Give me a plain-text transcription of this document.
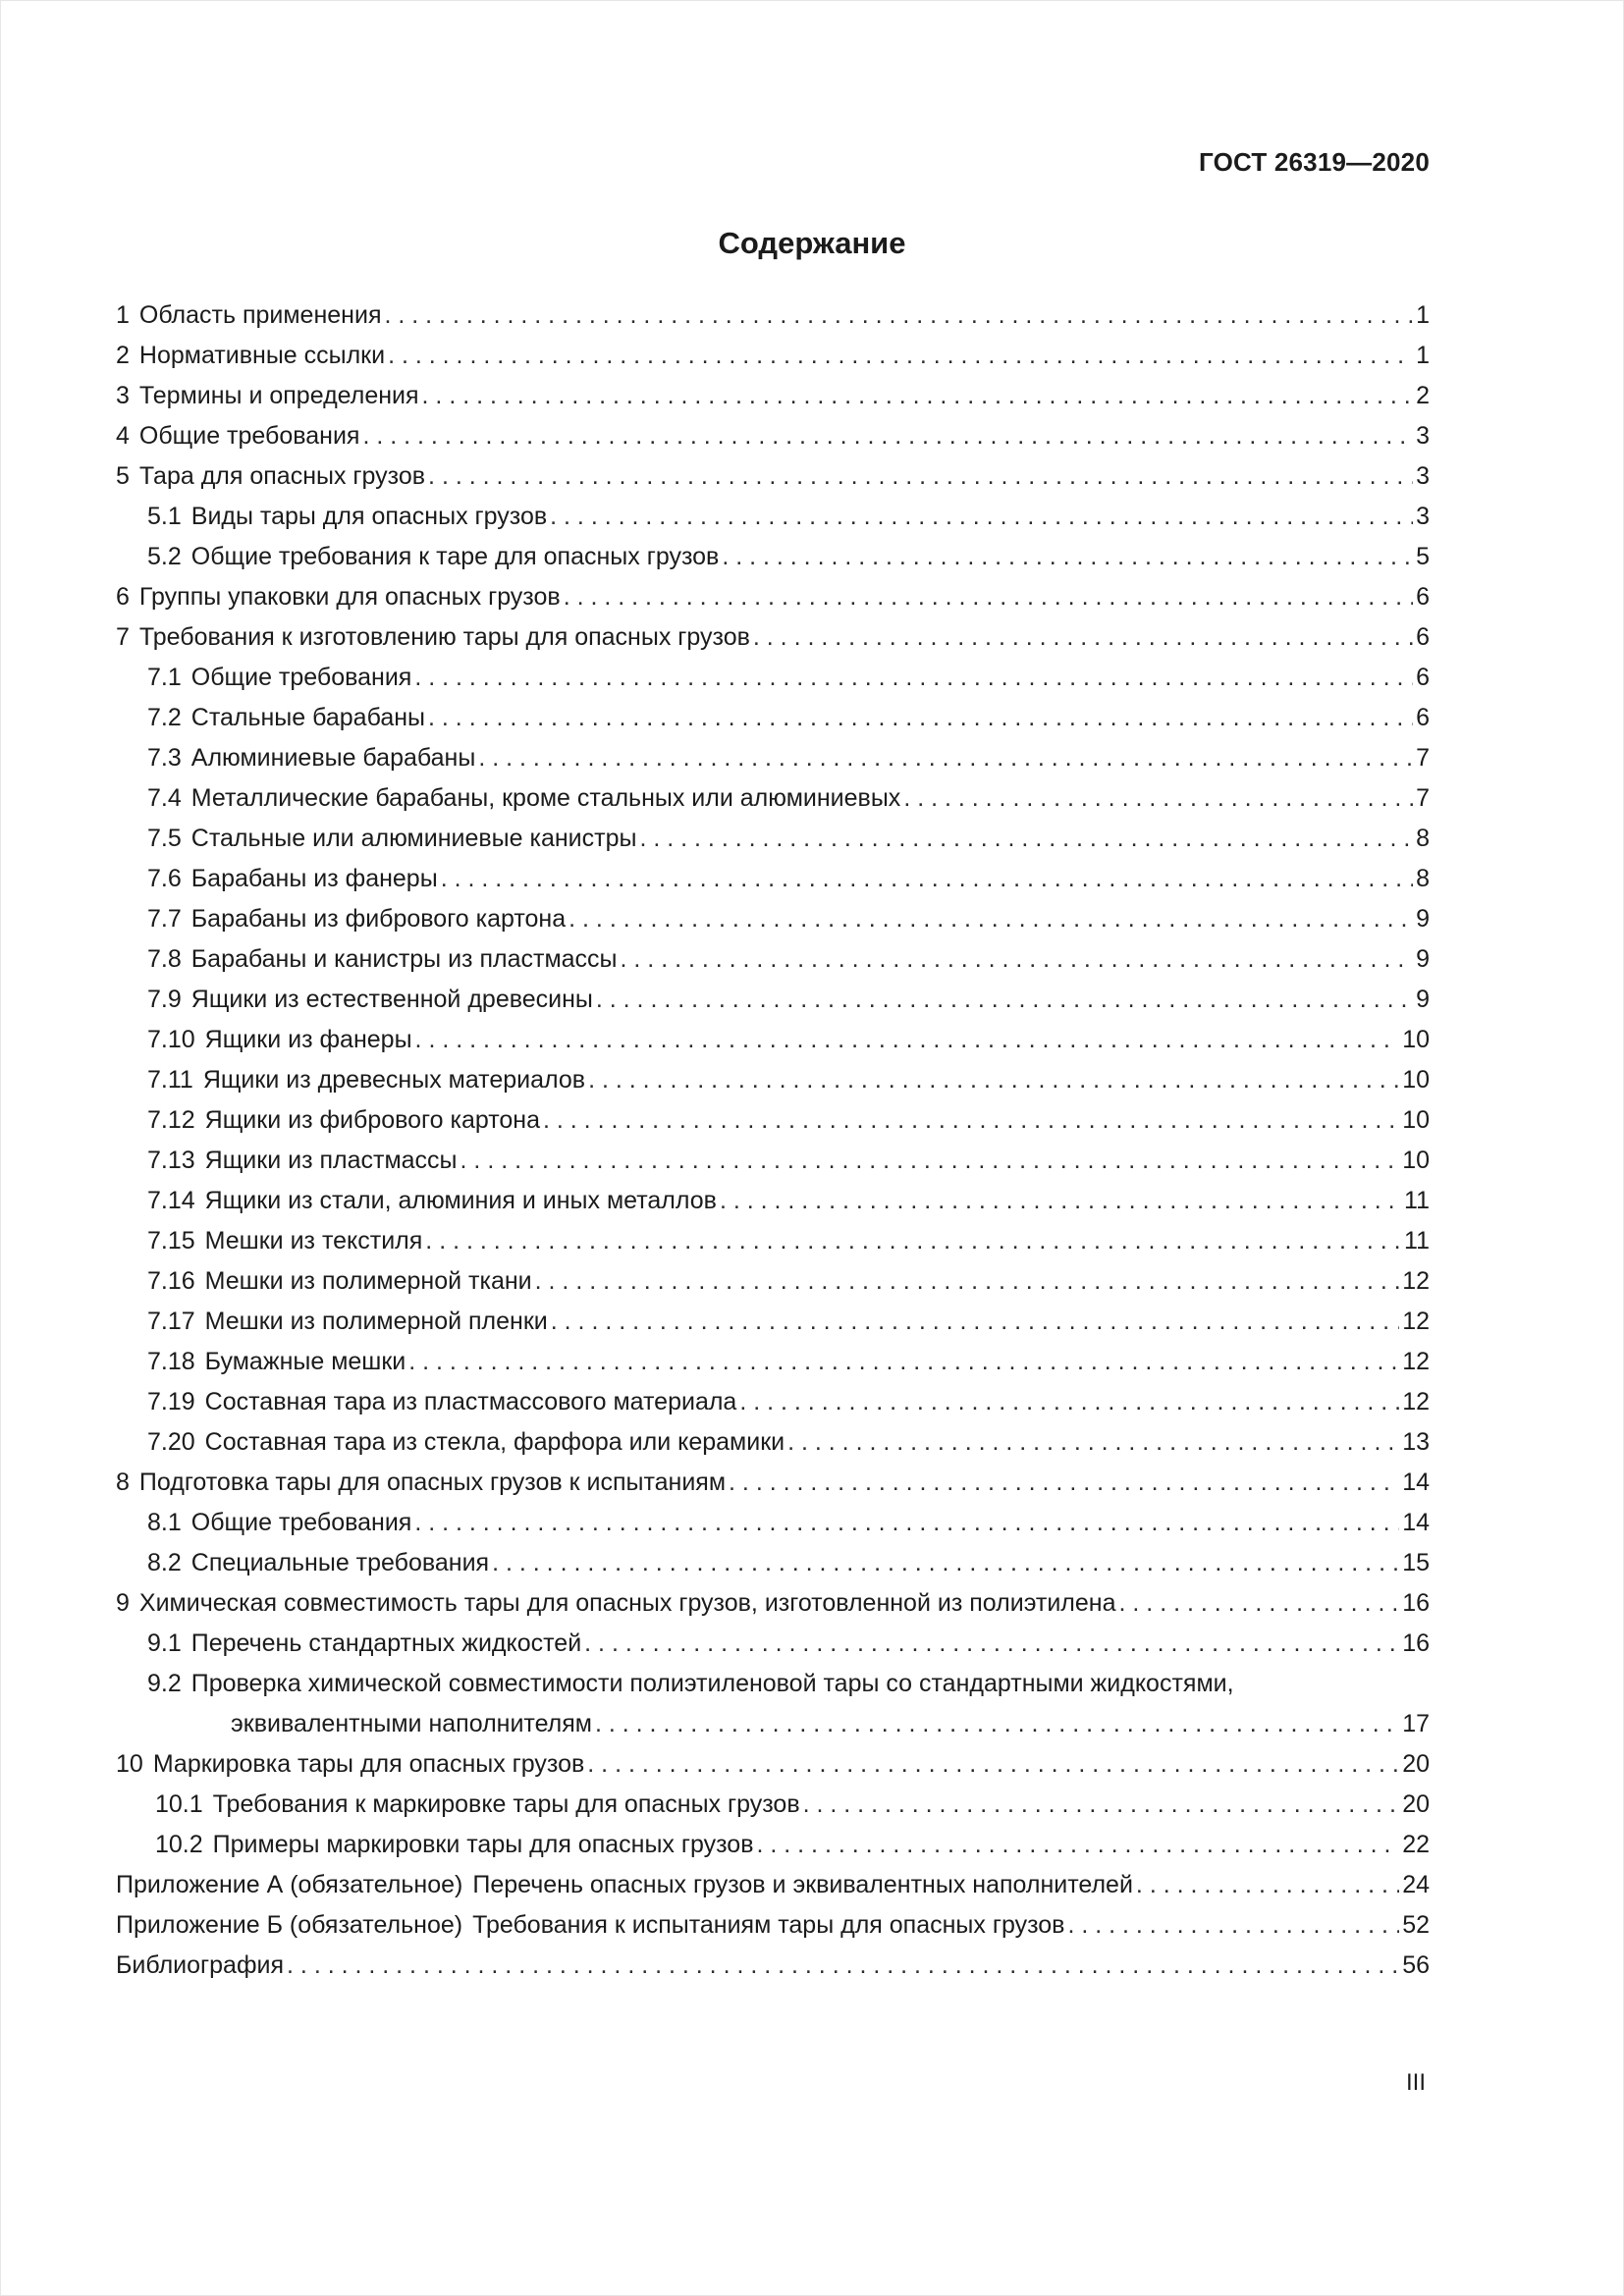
ГОСТ 26319—2020
Содержание
1 Область применения . . .	1
2 Нормативные ссылки . . .	1
3 Термины и определения . . .	2
4 Общие требования . . .	3
5 Тара для опасных грузов . . .	3
5.1 Виды тары для опасных грузов . . .	3
5.2 Общие требования к таре для опасных грузов . . .	5
6 Группы упаковки для опасных грузов . . .	6
7 Требования к изготовлению тары для опасных грузов . . .	6
7.1 Общие требования . . .	6
7.2 Стальные барабаны . . .	6
7.3 Алюминиевые барабаны . . .	7
7.4 Металлические барабаны, кроме стальных или алюминиевых . . .	7
7.5 Стальные или алюминиевые канистры . . .	8
7.6 Барабаны из фанеры . . .	8
7.7 Барабаны из фибрового картона . . .	9
7.8 Барабаны и канистры из пластмассы . . .	9
7.9 Ящики из естественной древесины . . .	9
7.10 Ящики из фанеры . . .	10
7.11 Ящики из древесных материалов . . .	10
7.12 Ящики из фибрового картона . . .	10
7.13 Ящики из пластмассы . . .	10
7.14 Ящики из стали, алюминия и иных металлов . . .	11
7.15 Мешки из текстиля . . .	11
7.16 Мешки из полимерной ткани . . .	12
7.17 Мешки из полимерной пленки . . .	12
7.18 Бумажные мешки . . .	12
7.19 Составная тара из пластмассового материала . . .	12
7.20 Составная тара из стекла, фарфора или керамики . . .	13
8 Подготовка тары для опасных грузов к испытаниям . . .	14
8.1 Общие требования . . .	14
8.2 Специальные требования . . .	15
9 Химическая совместимость тары для опасных грузов, изготовленной из полиэтилена . . .	16
9.1 Перечень стандартных жидкостей . . .	16
9.2 Проверка химической совместимости полиэтиленовой тары со стандартными жидкостями,
эквивалентными наполнителям . . .	17
10 Маркировка тары для опасных грузов . . .	20
10.1 Требования к маркировке тары для опасных грузов . . .	20
10.2 Примеры маркировки тары для опасных грузов . . .	22
Приложение А (обязательное) Перечень опасных грузов и эквивалентных наполнителей . . .	24
Приложение Б (обязательное) Требования к испытаниям тары для опасных грузов . . .	52
Библиография . . .	56
III
